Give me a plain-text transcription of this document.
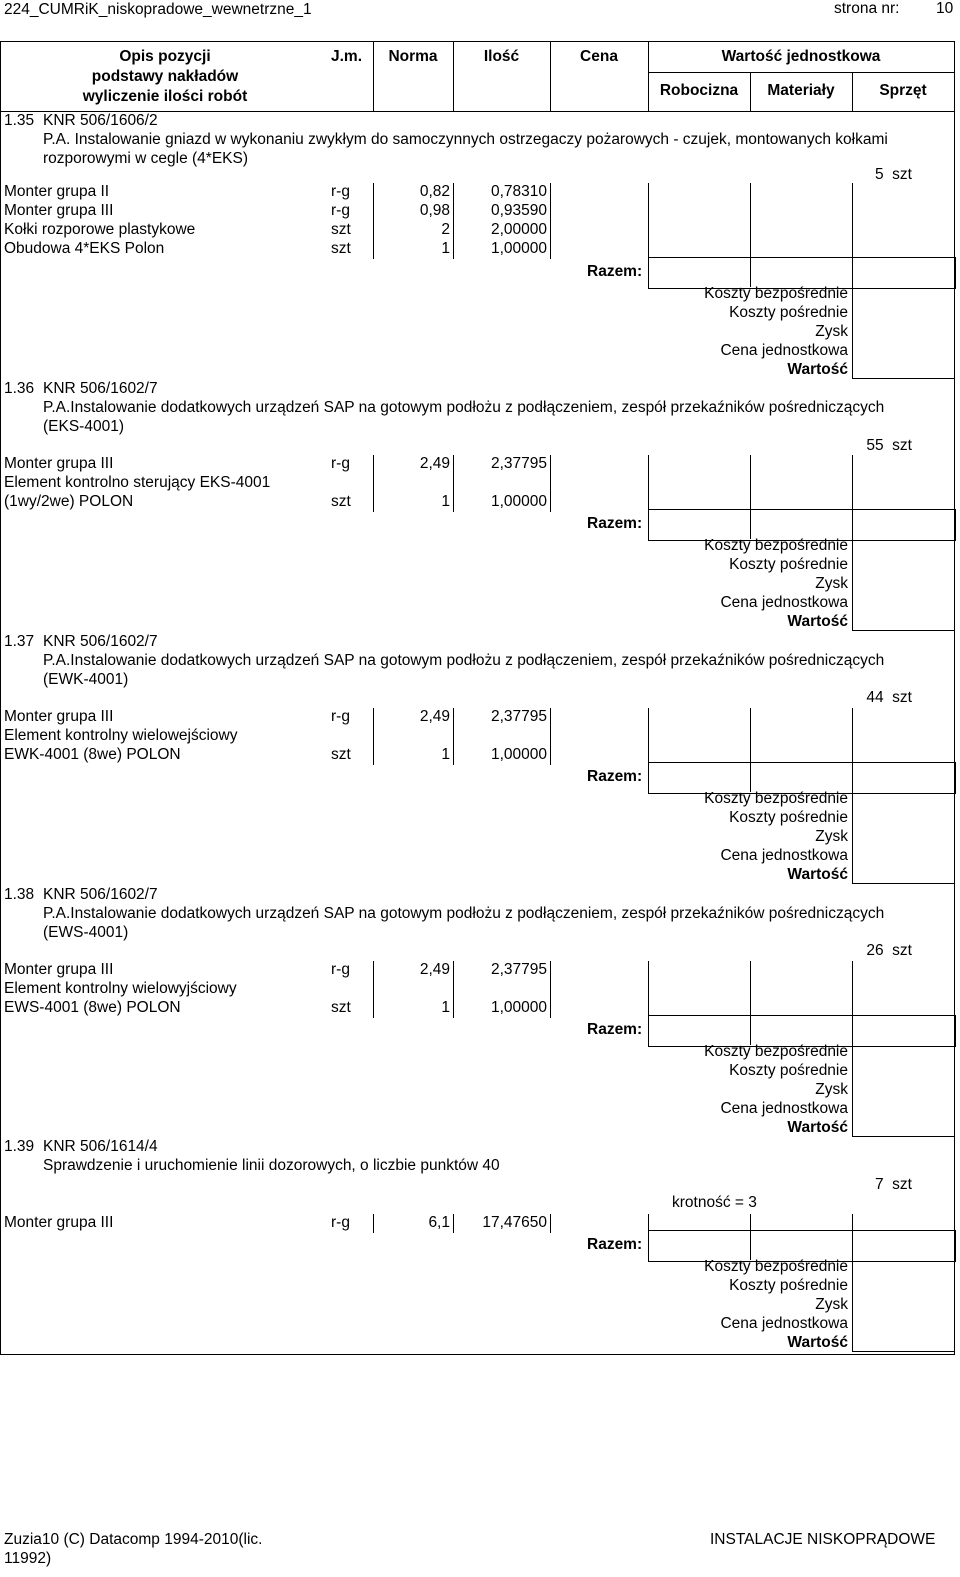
224_CUMRiK_niskopradowe_wewnetrzne_1	strona nr: 10
Opis pozycji
podstawy nakładów
wyliczenie ilości robót
J.m.	Norma	Ilość	Cena	Wartość jednostkowa
Robocizna	Materiały	Sprzęt
1.35 KNR 506/1606/2
P.A. Instalowanie gniazd w wykonaniu zwykłym do samoczynnych ostrzegaczy pożarowych - czujek, montowanych kołkami
rozporowymi w cegle (4*EKS)
5  szt
Monter grupa II	r-g	0,82	0,78310
Monter grupa III	r-g	0,98	0,93590
Kołki rozporowe plastykowe	szt	2	2,00000
Obudowa 4*EKS Polon	szt	1	1,00000
Razem:
Koszty bezpośrednie
Koszty pośrednie
Zysk
Cena jednostkowa
Wartość
1.36 KNR 506/1602/7
P.A.Instalowanie dodatkowych urządzeń SAP na gotowym podłożu z podłączeniem, zespół przekaźników pośredniczących
(EKS-4001)
55  szt
Monter grupa III	r-g	2,49	2,37795
Element kontrolno sterujący EKS-4001
(1wy/2we) POLON	szt	1	1,00000
Razem:
Koszty bezpośrednie
Koszty pośrednie
Zysk
Cena jednostkowa
Wartość
1.37 KNR 506/1602/7
P.A.Instalowanie dodatkowych urządzeń SAP na gotowym podłożu z podłączeniem, zespół przekaźników pośredniczących
(EWK-4001)
44  szt
Monter grupa III	r-g	2,49	2,37795
Element kontrolny wielowejściowy
EWK-4001 (8we) POLON	szt	1	1,00000
Razem:
Koszty bezpośrednie
Koszty pośrednie
Zysk
Cena jednostkowa
Wartość
1.38 KNR 506/1602/7
P.A.Instalowanie dodatkowych urządzeń SAP na gotowym podłożu z podłączeniem, zespół przekaźników pośredniczących
(EWS-4001)
26  szt
Monter grupa III	r-g	2,49	2,37795
Element kontrolny wielowyjściowy
EWS-4001 (8we) POLON	szt	1	1,00000
Razem:
Koszty bezpośrednie
Koszty pośrednie
Zysk
Cena jednostkowa
Wartość
1.39 KNR 506/1614/4
Sprawdzenie i uruchomienie linii dozorowych, o liczbie punktów 40
7  szt
krotność = 3
Monter grupa III	r-g	6,1	17,47650
Razem:
Koszty bezpośrednie
Koszty pośrednie
Zysk
Cena jednostkowa
Wartość
Zuzia10 (C) Datacomp 1994-2010(lic.
11992)
INSTALACJE NISKOPRĄDOWE
